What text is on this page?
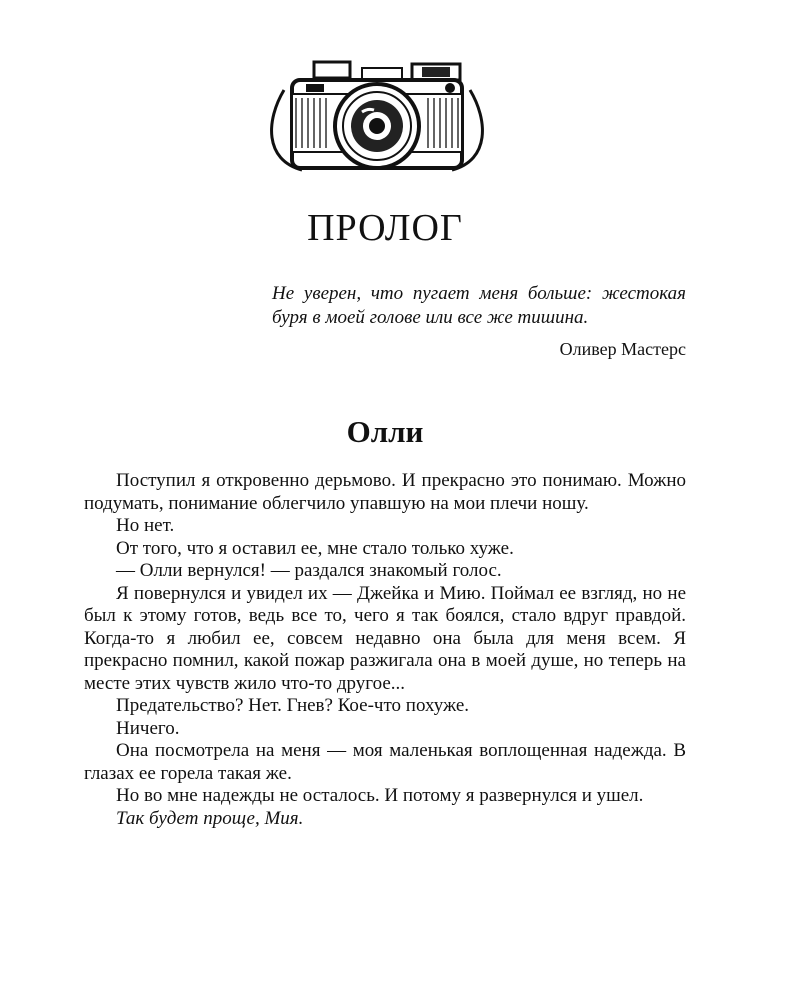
ПРОЛОГ

Не уверен, что пугает меня больше: жестокая буря в моей голове или все же тишина.

Оливер Мастерс
Олли

Поступил я откровенно дерьмово. И прекрасно это понимаю. Можно подумать, понимание облегчило упавшую на мои плечи ношу.

Но нет.

От того, что я оставил ее, мне стало только хуже.

— Олли вернулся! — раздался знакомый голос.

Я повернулся и увидел их — Джейка и Мию. Поймал ее взгляд, но не был к этому готов, ведь все то, чего я так боялся, стало вдруг правдой. Когда-то я любил ее, совсем недавно она была для меня всем. Я прекрасно помнил, какой пожар разжигала она в моей душе, но теперь на месте этих чувств жило что-то другое...

Предательство? Нет. Гнев? Кое-что похуже.

Ничего.

Она посмотрела на меня — моя маленькая воплощенная надежда. В глазах ее горела такая же.

Но во мне надежды не осталось. И потому я развернулся и ушел.

Так будет проще, Мия.
